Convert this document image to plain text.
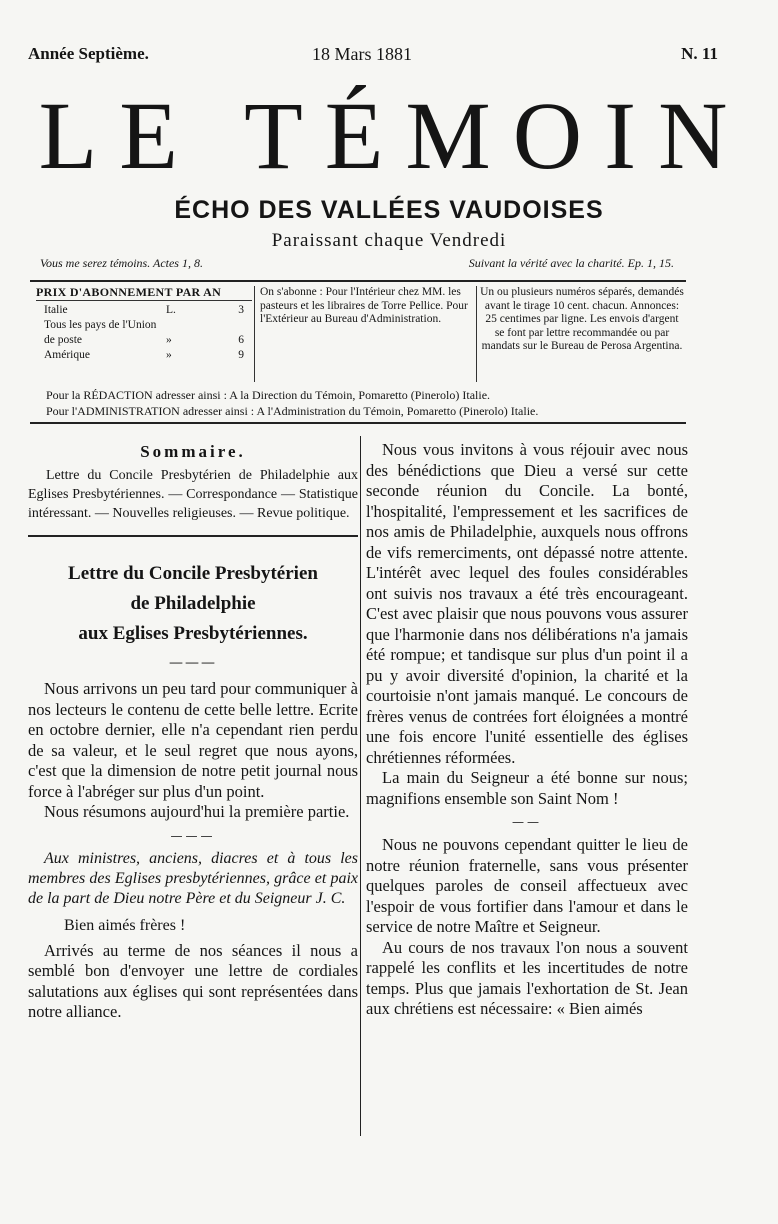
Année Septième.	18 Mars 1881	N. 11
LE TÉMOIN
ÉCHO DES VALLÉES VAUDOISES
Paraissant chaque Vendredi
Vous me serez témoins. Actes 1, 8.	Suivant la vérité avec la charité. Ep. 1, 15.
PRIX D'ABONNEMENT PAR AN
Italie	L.	3
Tous les pays de l'Union
de poste	»	6
Amérique	»	9
On s'abonne : Pour l'Intérieur chez MM. les pasteurs et les libraires de Torre Pellice. Pour l'Extérieur au Bureau d'Administration.
Un ou plusieurs numéros séparés, demandés avant le tirage 10 cent. chacun. Annonces: 25 centimes par ligne. Les envois d'argent se font par lettre recommandée ou par mandats sur le Bureau de Perosa Argentina.
Pour la RÉDACTION adresser ainsi : A la Direction du Témoin, Pomaretto (Pinerolo) Italie.
Pour l'ADMINISTRATION adresser ainsi : A l'Administration du Témoin, Pomaretto (Pinerolo) Italie.
Sommaire.
Lettre du Concile Presbytérien de Philadelphie aux Eglises Presbytériennes. — Correspondance — Statistique intéressant. — Nouvelles religieuses. — Revue politique.
Lettre du Concile Presbytérien
de Philadelphie
aux Eglises Presbytériennes.
———

Nous arrivons un peu tard pour communiquer à nos lecteurs le contenu de cette belle lettre. Ecrite en octobre dernier, elle n'a cependant rien perdu de sa valeur, et le seul regret que nous ayons, c'est que la dimension de notre petit journal nous force à l'abréger sur plus d'un point.

Nous résumons aujourd'hui la première partie.

———

Aux ministres, anciens, diacres et à tous les membres des Eglises presbytériennes, grâce et paix de la part de Dieu notre Père et du Seigneur J. C.

Bien aimés frères !

Arrivés au terme de nos séances il nous a semblé bon d'envoyer une lettre de cordiales salutations aux églises qui sont représentées dans notre alliance.

Nous vous invitons à vous réjouir avec nous des bénédictions que Dieu a versé sur cette seconde réunion du Concile. La bonté, l'hospitalité, l'empressement et les sacrifices de nos amis de Philadelphie, auxquels nous offrons de vifs remerciments, ont dépassé notre attente. L'intérêt avec lequel des foules considérables ont suivis nos travaux a été très encourageant. C'est avec plaisir que nous pouvons vous assurer que l'harmonie dans nos délibérations n'a jamais été rompue; et tandisque sur plus d'un point il a pu y avoir diversité d'opinion, la charité et la courtoisie n'ont jamais manqué. Le concours de frères venus de contrées fort éloignées a montré une fois encore l'unité essentielle des églises chrétiennes réformées.

La main du Seigneur a été bonne sur nous; magnifions ensemble son Saint Nom !

——

Nous ne pouvons cependant quitter le lieu de notre réunion fraternelle, sans vous présenter quelques paroles de conseil affectueux avec l'espoir de vous fortifier dans l'amour et dans le service de notre Maître et Seigneur.

Au cours de nos travaux l'on nous a souvent rappelé les conflits et les incertitudes de notre temps. Plus que jamais l'exhortation de St. Jean aux chrétiens est nécessaire: « Bien aimés
